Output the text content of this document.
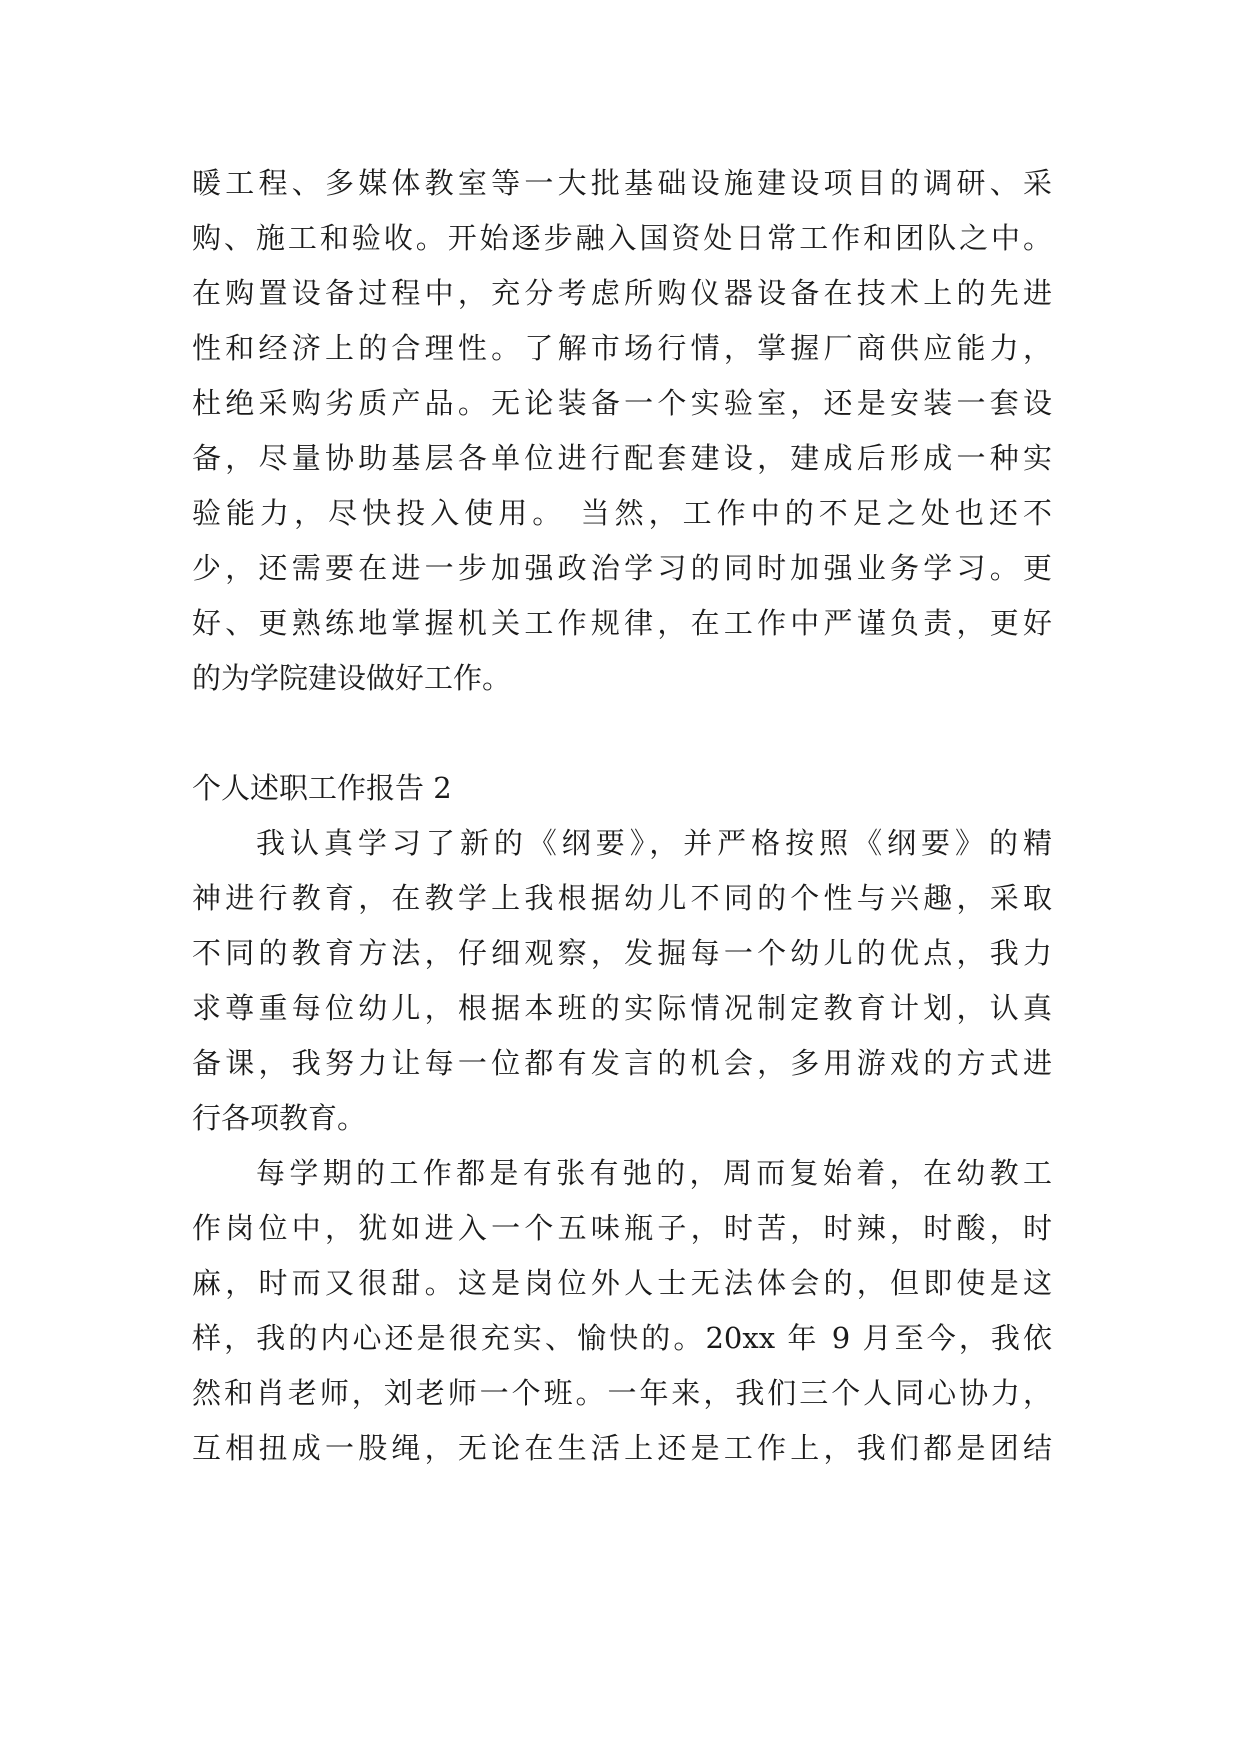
暖工程、多媒体教室等一大批基础设施建设项目的调研、采
购、施工和验收。开始逐步融入国资处日常工作和团队之中。
在购置设备过程中，充分考虑所购仪器设备在技术上的先进
性和经济上的合理性。了解市场行情，掌握厂商供应能力，
杜绝采购劣质产品。无论装备一个实验室，还是安装一套设
备，尽量协助基层各单位进行配套建设，建成后形成一种实
验能力，尽快投入使用。 当然，工作中的不足之处也还不
少，还需要在进一步加强政治学习的同时加强业务学习。更
好、更熟练地掌握机关工作规律，在工作中严谨负责，更好
的为学院建设做好工作。
个人述职工作报告 2
我认真学习了新的《纲要》，并严格按照《纲要》的精
神进行教育，在教学上我根据幼儿不同的个性与兴趣，采取
不同的教育方法，仔细观察，发掘每一个幼儿的优点，我力
求尊重每位幼儿，根据本班的实际情况制定教育计划，认真
备课，我努力让每一位都有发言的机会，多用游戏的方式进
行各项教育。
每学期的工作都是有张有弛的，周而复始着，在幼教工
作岗位中，犹如进入一个五味瓶子，时苦，时辣，时酸，时
麻，时而又很甜。这是岗位外人士无法体会的，但即使是这
样，我的内心还是很充实、愉快的。20xx 年 9 月至今，我依
然和肖老师，刘老师一个班。一年来，我们三个人同心协力，
互相扭成一股绳，无论在生活上还是工作上，我们都是团结
